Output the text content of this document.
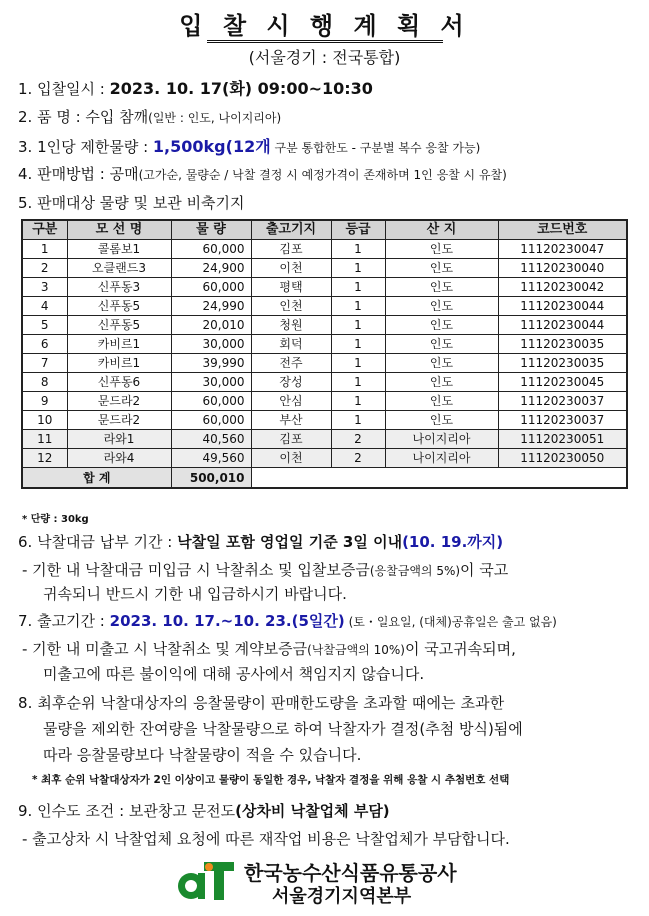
입 찰 시 행 계 획 서
(서울경기 : 전국통합)
1. 입찰일시 : 2023. 10. 17(화) 09:00~10:30
2. 품 명 : 수입 참깨(일반 : 인도, 나이지리아)
3. 1인당 제한물량 : 1,500kg(12개 구분 통합한도 - 구분별 복수 응찰 가능)
4. 판매방법 : 공매(고가순, 물량순 / 낙찰 결정 시 예정가격이 존재하며 1인 응찰 시 유찰)
5. 판매대상 물량 및 보관 비축기지
구분	모 선 명	물 량	출고기지	등급	산 지	코드번호
1	콜롬보1	60,000	김포	1	인도	11120230047
2	오클랜드3	24,900	이천	1	인도	11120230040
3	신푸동3	60,000	평택	1	인도	11120230042
4	신푸동5	24,990	인천	1	인도	11120230044
5	신푸동5	20,010	청원	1	인도	11120230044
6	카비르1	30,000	회덕	1	인도	11120230035
7	카비르1	39,990	전주	1	인도	11120230035
8	신푸동6	30,000	장성	1	인도	11120230045
9	문드라2	60,000	안심	1	인도	11120230037
10	문드라2	60,000	부산	1	인도	11120230037
11	라와1	40,560	김포	2	나이지리아	11120230051
12	라와4	49,560	이천	2	나이지리아	11120230050
합 계		500,010				
* 단량 : 30kg
6. 낙찰대금 납부 기간 : 낙찰일 포함 영업일 기준 3일 이내(10. 19.까지)
- 기한 내 낙찰대금 미입금 시 낙찰취소 및 입찰보증금(응찰금액의 5%)이 국고
귀속되니 반드시 기한 내 입금하시기 바랍니다.
7. 출고기간 : 2023. 10. 17.~10. 23.(5일간) (토・일요일, (대체)공휴일은 출고 없음)
- 기한 내 미출고 시 낙찰취소 및 계약보증금(낙찰금액의 10%)이 국고귀속되며,
미출고에 따른 불이익에 대해 공사에서 책임지지 않습니다.
8. 최후순위 낙찰대상자의 응찰물량이 판매한도량을 초과할 때에는 초과한
물량을 제외한 잔여량을 낙찰물량으로 하여 낙찰자가 결정(추첨 방식)됨에
따라 응찰물량보다 낙찰물량이 적을 수 있습니다.
* 최후 순위 낙찰대상자가 2인 이상이고 물량이 동일한 경우, 낙찰자 결정을 위해 응찰 시 추첨번호 선택
9. 인수도 조건 : 보관창고 문전도(상차비 낙찰업체 부담)
- 출고상차 시 낙찰업체 요청에 따른 재작업 비용은 낙찰업체가 부담합니다.
한국농수산식품유통공사
서울경기지역본부
